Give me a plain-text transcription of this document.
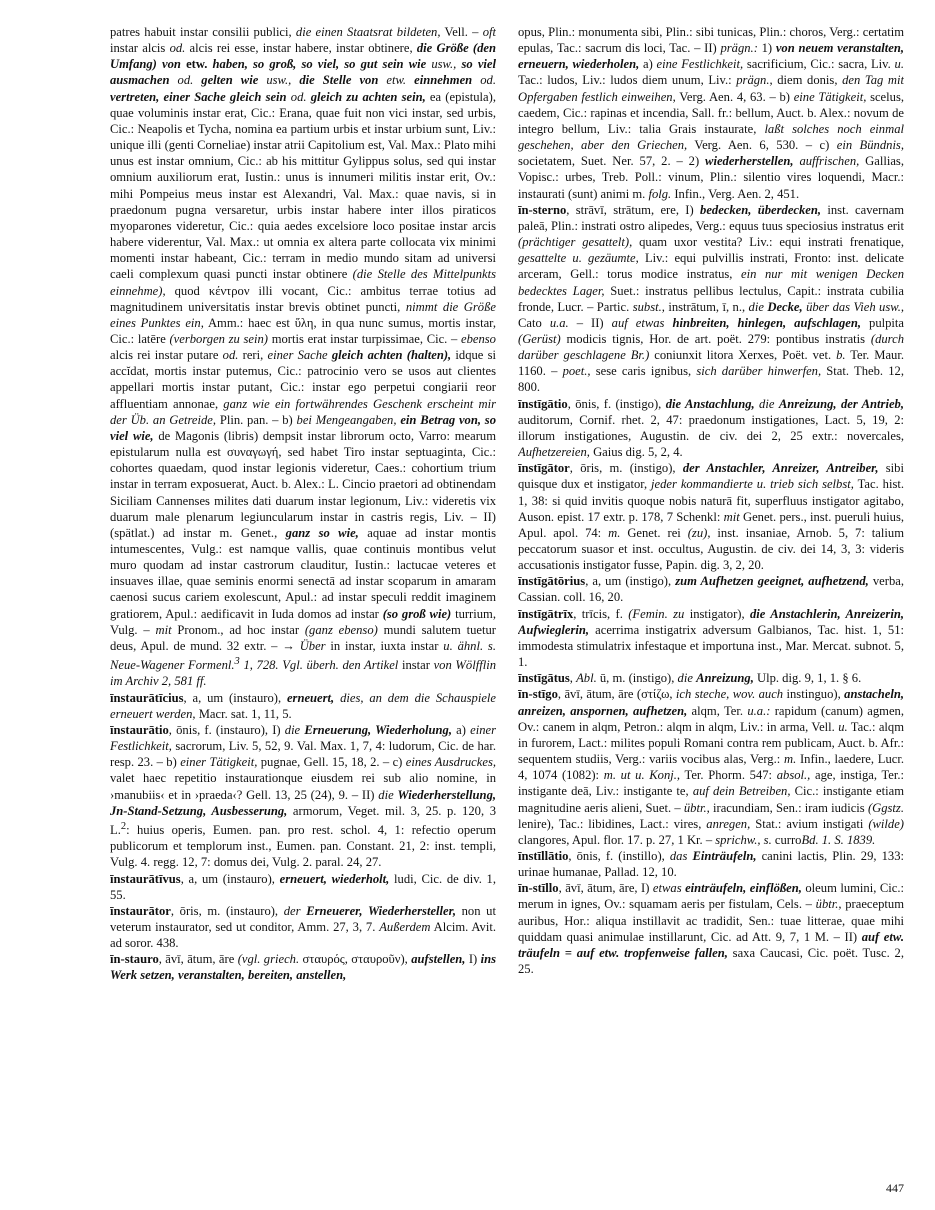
patres habuit instar consilii publici, die einen Staatsrat bildeten, Vell. – oft instar alcis od. alcis rei esse, instar habere, instar obtinere, die Größe (den Umfang) von etw. haben, so groß, so viel, so gut sein wie usw., so viel ausmachen od. gelten wie usw., die Stelle von etw. einnehmen od. vertreten, einer Sache gleich sein od. gleich zu achten sein, ea (epistula), quae voluminis instar erat, Cic.: Erana, quae fuit non vici instar, sed urbis, Cic.: Neapolis et Tycha, nomina ea partium urbis et instar urbium sunt, Liv.: unique illi (genti Corneliae) instar atrii Capitolium est, Val. Max.: Plato mihi unus est instar omnium, Cic.: ab his mittitur Gylippus solus, sed qui instar omnium auxiliorum erat, Iustin.: unus is innumeri militis instar erit, Ov.: mihi Pompeius meus instar est Alexandri, Val. Max.: quae navis, si in praedonum pugna versaretur, urbis instar habere inter illos piraticos myoparones videretur, Cic.: quia aedes excelsiore loco positae instar arcis habere viderentur, Val. Max.: ut omnia ex altera parte collocata vix minimi momenti instar habeant, Cic.: terram in medio mundo sitam ad universi caeli complexum quasi puncti instar obtinere (die Stelle des Mittelpunkts einnehme), quod κέντρον illi vocant, Cic.: ambitus terrae totius ad magnitudinem universitatis instar brevis obtinet puncti, nimmt die Größe eines Punktes ein, Amm.: haec est ὕλη, in qua nunc sumus, mortis instar, Cic.: latēre (verborgen zu sein) mortis erat instar turpissimae, Cic. – ebenso alcis rei instar putare od. reri, einer Sache gleich achten (halten), idque si accĭdat, mortis instar putemus, Cic.: patrocinio vero se usos aut clientes appellari mortis instar putant, Cic.: instar ego perpetui congiarii reor affluentiam annonae, ganz wie ein fortwährendes Geschenk erscheint mir der Üb. an Getreide, Plin. pan. – b) bei Mengeangaben, ein Betrag von, so viel wie, de Magonis (libris) dempsit instar librorum octo, Varro: mearum epistularum nulla est συναγωγή, sed habet Tiro instar septuaginta, Cic.: cohortes quaedam, quod instar legionis videretur, Caes.: cohortium trium instar in terram exposuerat, Auct. b. Alex.: L. Cincio praetori ad obtinendam Siciliam Cannenses milites dati duarum instar legionum, Liv.: videretis vix duarum male plenarum legiuncularum instar in castris regis, Liv. – II) (spätlat.) ad instar m. Genet., ganz so wie, aquae ad instar montis intumescentes, Vulg.: est namque vallis, quae continuis montibus velut muro quodam ad instar castrorum clauditur, Iustin.: lactucae veteres et insuaves illae, quae seminis enormi senectā ad instar scoparum in amaram caenosi sucus cariem exolescunt, Apul.: ad instar speculi reddit imaginem gratiorem, Apul.: aedificavit in Iuda domos ad instar (so groß wie) turrium, Vulg. – mit Pronom., ad hoc instar (ganz ebenso) mundi salutem tuetur deus, Apul. de mund. 32 extr. – → Über in instar, iuxta instar u. ähnl. s. Neue-Wagener Formenl.$^3$ 1, 728. Vgl. überh. den Artikel instar von Wölfflin im Archiv 2, 581 ff.

īnstaurātīcius, a, um (instauro), erneuert, dies, an dem die Schauspiele erneuert werden, Macr. sat. 1, 11, 5.

īnstaurātio, ōnis, f. (instauro), I) die Erneuerung, Wiederholung, a) einer Festlichkeit, sacrorum, Liv. 5, 52, 9. Val. Max. 1, 7, 4: ludorum, Cic. de har. resp. 23. – b) einer Tätigkeit, pugnae, Gell. 15, 18, 2. – c) eines Ausdruckes, valet haec repetitio instaurationque eiusdem rei sub alio nomine, in ›manubiis‹ et in ›praeda‹? Gell. 13, 25 (24), 9. – II) die Wiederherstellung, Jn-Stand-Setzung, Ausbesserung, armorum, Veget. mil. 3, 25. p. 120, 3 L.$^2$: huius operis, Eumen. pan. pro rest. schol. 4, 1: refectio operum publicorum et templorum inst., Eumen. pan. Constant. 21, 2: inst. templi, Vulg. 4. regg. 12, 7: domus dei, Vulg. 2. paral. 24, 27.

īnstaurātīvus, a, um (instauro), erneuert, wiederholt, ludi, Cic. de div. 1, 55.

īnstaurātor, ōris, m. (instauro), der Erneuerer, Wiederhersteller, non ut veterum instaurator, sed ut conditor, Amm. 27, 3, 7. Außerdem Alcim. Avit. ad soror. 438.

īn-stauro, āvī, ātum, āre (vgl. griech. σταυρός, σταυροῦν), aufstellen, I) ins Werk setzen, veranstalten, bereiten, anstellen,

opus, Plin.: monumenta sibi, Plin.: sibi tunicas, Plin.: choros, Verg.: certatim epulas, Tac.: sacrum dis loci, Tac. – II) prägn.: 1) von neuem veranstalten, erneuern, wiederholen, a) eine Festlichkeit, sacrificium, Cic.: sacra, Liv. u. Tac.: ludos, Liv.: ludos diem unum, Liv.: prägn., diem donis, den Tag mit Opfergaben festlich einweihen, Verg. Aen. 4, 63. – b) eine Tätigkeit, scelus, caedem, Cic.: rapinas et incendia, Sall. fr.: bellum, Auct. b. Alex.: novum de integro bellum, Liv.: talia Grais instaurate, laßt solches noch einmal geschehen, aber den Griechen, Verg. Aen. 6, 530. – c) ein Bündnis, societatem, Suet. Ner. 57, 2. – 2) wiederherstellen, auffrischen, Gallias, Vopisc.: urbes, Treb. Poll.: vinum, Plin.: silentio vires loquendi, Macr.: instaurati (sunt) animi m. folg. Infin., Verg. Aen. 2, 451.

īn-sterno, strāvī, strātum, ere, I) bedecken, überdecken, inst. cavernam paleā, Plin.: instrati ostro alipedes, Verg.: equus tuus speciosius instratus erit (prächtiger gesattelt), quam uxor vestita? Liv.: equi instrati frenatique, gesattelte u. gezäumte, Liv.: equi pulvillis instrati, Fronto: inst. delicate arceram, Gell.: torus modice instratus, ein nur mit wenigen Decken bedecktes Lager, Suet.: instratus pellibus lectulus, Capit.: instrata cubilia fronde, Lucr. – Partic. subst., instrātum, ī, n., die Decke, über das Vieh usw., Cato u.a. – II) auf etwas hinbreiten, hinlegen, aufschlagen, pulpita (Gerüst) modicis tignis, Hor. de art. poët. 279: pontibus instratis (durch darüber geschlagene Br.) coniunxit litora Xerxes, Poët. vet. b. Ter. Maur. 1160. – poet., sese caris ignibus, sich darüber hinwerfen, Stat. Theb. 12, 800.

īnstīgātio, ōnis, f. (instigo), die Anstachlung, die Anreizung, der Antrieb, auditorum, Cornif. rhet. 2, 47: praedonum instigationes, Lact. 5, 19, 2: illorum instigationes, Augustin. de civ. dei 2, 25 extr.: novercales, Aufhetzereien, Gaius dig. 5, 2, 4.

īnstīgātor, ōris, m. (instigo), der Anstachler, Anreizer, Antreiber, sibi quisque dux et instigator, jeder kommandierte u. trieb sich selbst, Tac. hist. 1, 38: si quid invitis quoque nobis naturā fit, superfluus instigator agitabo, Auson. epist. 17 extr. p. 178, 7 Schenkl: mit Genet. pers., inst. pueruli huius, Apul. apol. 74: m. Genet. rei (zu), inst. insaniae, Arnob. 5, 7: talium peccatorum suasor et inst. occultus, Augustin. de civ. dei 14, 3, 3: videris accusationis instigator fusse, Papin. dig. 3, 2, 20.

īnstīgātōrius, a, um (instigo), zum Aufhetzen geeignet, aufhetzend, verba, Cassian. coll. 16, 20.

īnstīgātrīx, trīcis, f. (Femin. zu instigator), die Anstachlerin, Anreizerin, Aufwieglerin, acerrima instigatrix adversum Galbianos, Tac. hist. 1, 51: immodesta stimulatrix infestaque et importuna inst., Mar. Mercat. subnot. 5, 1.

īnstīgātus, Abl. ū, m. (instigo), die Anreizung, Ulp. dig. 9, 1, 1. § 6.

īn-stīgo, āvī, ātum, āre (στίζω, ich steche, wov. auch instinguo), anstacheln, anreizen, anspornen, aufhetzen, alqm, Ter. u.a.: rapidum (canum) agmen, Ov.: canem in alqm, Petron.: alqm in alqm, Liv.: in arma, Vell. u. Tac.: alqm in furorem, Lact.: milites populi Romani contra rem publicam, Auct. b. Afr.: sequentem studiis, Verg.: variis vocibus alas, Verg.: m. Infin., laedere, Lucr. 4, 1074 (1082): m. ut u. Konj., Ter. Phorm. 547: absol., age, instiga, Ter.: instigante deā, Liv.: instigante te, auf dein Betreiben, Cic.: instigante etiam magnitudine aeris alieni, Suet. – übtr., iracundiam, Sen.: iram iudicis (Ggstz. lenire), Tac.: libidines, Lact.: vires, anregen, Stat.: avium instigati (wilde) clangores, Apul. flor. 17. p. 27, 1 Kr. – sprichw., s. curroBd. 1. S. 1839.

īnstīllātio, ōnis, f. (instillo), das Einträufeln, canini lactis, Plin. 29, 133: urinae humanae, Pallad. 12, 10.

īn-stīllo, āvī, ātum, āre, I) etwas einträufeln, einflößen, oleum lumini, Cic.: merum in ignes, Ov.: squamam aeris per fistulam, Cels. – übtr., praeceptum auribus, Hor.: aliqua instillavit ac tradidit, Sen.: tuae litterae, quae mihi quiddam quasi animulae instillarunt, Cic. ad Att. 9, 7, 1 M. – II) auf etw. träufeln = auf etw. tropfenweise fallen, saxa Caucasi, Cic. poët. Tusc. 2, 25.

447
